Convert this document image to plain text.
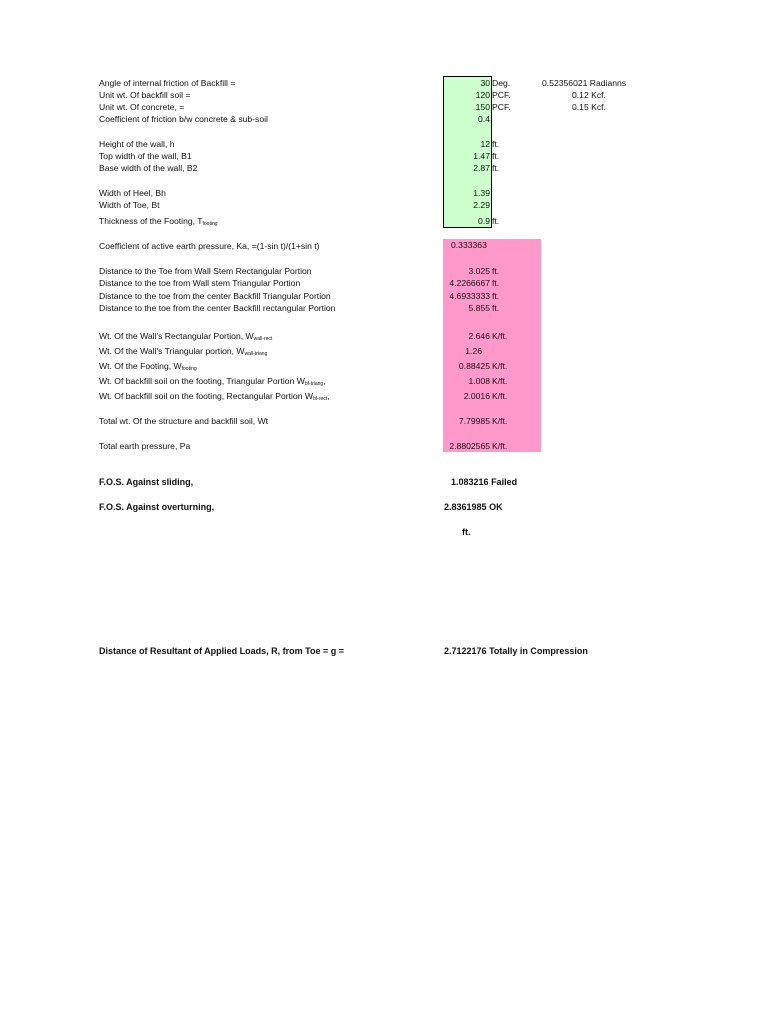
Angle of internal friction of Backfill =	30 Deg.	0.52356021 Radianns
Unit wt. Of backfill soil =	120 PCF.	0.12 Kcf.
Unit wt. Of concrete, =	150 PCF.	0.15 Kcf.
Coefficient of friction b/w concrete & sub-soil	0.4
Height of the wall, h	12 ft.
Top width of the wall, B1	1.47 ft.
Base width of the wall, B2	2.87 ft.
Width of Heel, Bh	1.39
Width of Toe, Bt	2.29
Thickness of the Footing, $T_{footing}$	0.9 ft.
Coefficient of active earth pressure, Ka, =(1-sin t)/(1+sin t)	0.333363
Distance to the Toe from Wall Stem Rectangular Portion	3.025 ft.
Distance to the toe from Wall stem Triangular Portion	4.2266667 ft.
Distance to the toe from the center Backfill Triangular Portion	4.6933333 ft.
Distance to the toe from the center Backfill rectangular Portion	5.855 ft.
Wt. Of the Wall's Rectangular Portion, $W_{wall-rect}$	2.646 K/ft.
Wt. Of the Wall's Triangular portion, $W_{wall-triang}$	1.26
Wt. Of the Footing, $W_{footing}$	0.88425 K/ft.
Wt. Of backfill soil on the footing, Triangular Portion $W_{bf-triang}$,	1.008 K/ft.
Wt. Of backfill soil on the footing, Rectangular Portion $W_{bf-rect}$,	2.0016 K/ft.
Total wt. Of the structure and backfill soil, Wt	7.79985 K/ft.
Total earth pressure, Pa	2.8802565 K/ft.
F.O.S. Against sliding,	1.083216 Failed
F.O.S. Against overturning,	2.8361985 OK
ft.
Distance of Resultant of Applied Loads, R, from Toe = g =	2.7122176 Totally in Compression
